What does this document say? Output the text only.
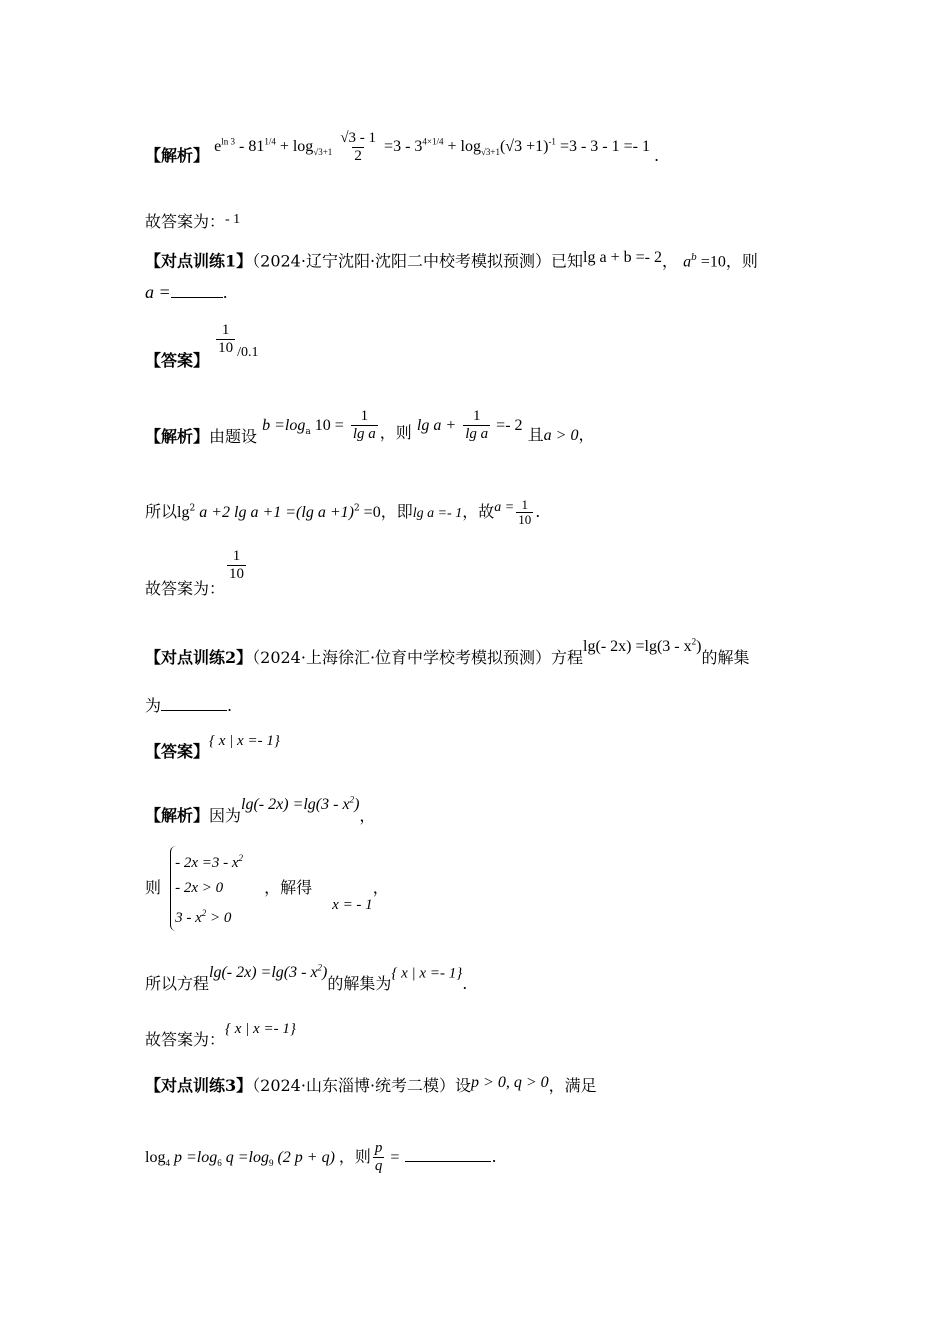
【解析】 $e^{ln 3} - 81^{1/4} + \log_{√3+1} \frac{√3 - 1}{2} =3 - 3^{4\times 1/4} + \log_{√3+1}(√3 +1)^{-1} =3 - 3 - 1 =- 1$ .
故答案为：- 1
【对点训练1】（2024·辽宁沈阳·沈阳二中校考模拟预测）已知lg a + b =- 2， $a^b =10$，则
a =	.
【答案】
$\frac{1}{10} /0.1$
【解析】由题设 $b =\log_a$ $10 = \frac{1}{\text{lg a}}$ ，则 $\lg a + \frac{1}{\text{lg a}} =- 2$ 且a > 0，
所以$\lg^2 a +2$ lg a +1 =(lg a +1)$^2$ =0，即lg a =- 1，故$a = \frac{1}{10}$ .
故答案为：
$\frac{1}{10}$
【对点训练2】（2024·上海徐汇·位育中学校考模拟预测）方程lg(- $2x) =\lg(3 - x^2)$的解集
为	.
【答案】{ x | x =- 1}
【解析】因为lg(- $2x) =\lg(3 - x^2)$，
则
- $2x =3 - x^2$
- 2x > 0
$3 - x^2 > 0$
，解得x = - 1，
所以方程lg(- $2x) =\lg(3 - x^2)$的解集为{ x | x =- 1}.
故答案为：{ x | x =- 1}
【对点训练3】（2024·山东淄博·统考二模）设p > 0, q > 0，满足
$\log_4 p =\log_6$ $q =\log_9$ (2 p + q) ，则 $\frac{p}{q}$ =	.
